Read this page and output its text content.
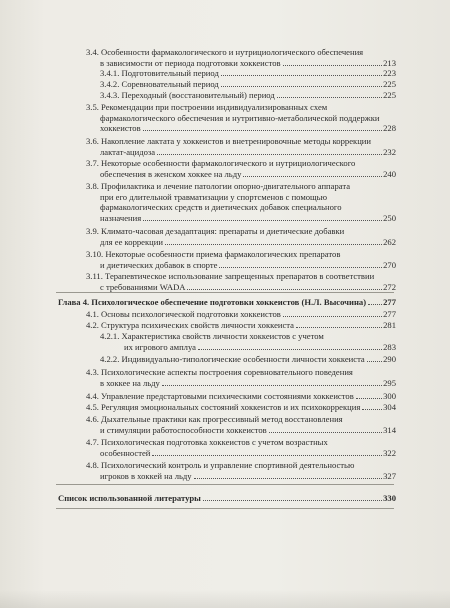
3.4. Особенности фармакологического и нутрициологического обеспечения
в зависимости от периода подготовки хоккеистов	213
3.4.1. Подготовительный период	223
3.4.2. Соревновательный период	225
3.4.3. Переходный (восстановительный) период	225
3.5. Рекомендации при построении индивидуализированных схем
фармакологического обеспечения и нутритивно-метаболической поддержки
хоккеистов	228
3.6. Накопление лактата у хоккеистов и внетренировочные методы коррекции
лактат-ацидоза	232
3.7. Некоторые особенности фармакологического и нутрициологического
обеспечения в женском хоккее на льду	240
3.8. Профилактика и лечение патологии опорно-двигательного аппарата
при его длительной травматизации у спортсменов с помощью
фармакологических средств и диетических добавок специального
назначения	250
3.9. Климато-часовая дезадаптация: препараты и диетические добавки
для ее коррекции	262
3.10. Некоторые особенности приема фармакологических препаратов
и диетических добавок в спорте	270
3.11. Терапевтическое использование запрещенных препаратов в соответствии
с требованиями WADA	272
Глава 4. Психологическое обеспечение подготовки хоккеистов (Н.Л. Высочина) 277
4.1. Основы психологической подготовки хоккеистов	277
4.2. Структура психических свойств личности хоккеиста	281
4.2.1. Характеристика свойств личности хоккеистов с учетом
их игрового амплуа	283
4.2.2. Индивидуально-типологические особенности личности хоккеиста 290
4.3. Психологические аспекты построения соревновательного поведения
в хоккее на льду	295
4.4. Управление предстартовыми психическими состояниями хоккеистов	300
4.5. Регуляция эмоциональных состояний хоккеистов и их психокоррекция	304
4.6. Дыхательные практики как прогрессивный метод восстановления
и стимуляции работоспособности хоккеистов	314
4.7. Психологическая подготовка хоккеистов с учетом возрастных
особенностей	322
4.8. Психологический контроль и управление спортивной деятельностью
игроков в хоккей на льду	327
Список использованной литературы	330
